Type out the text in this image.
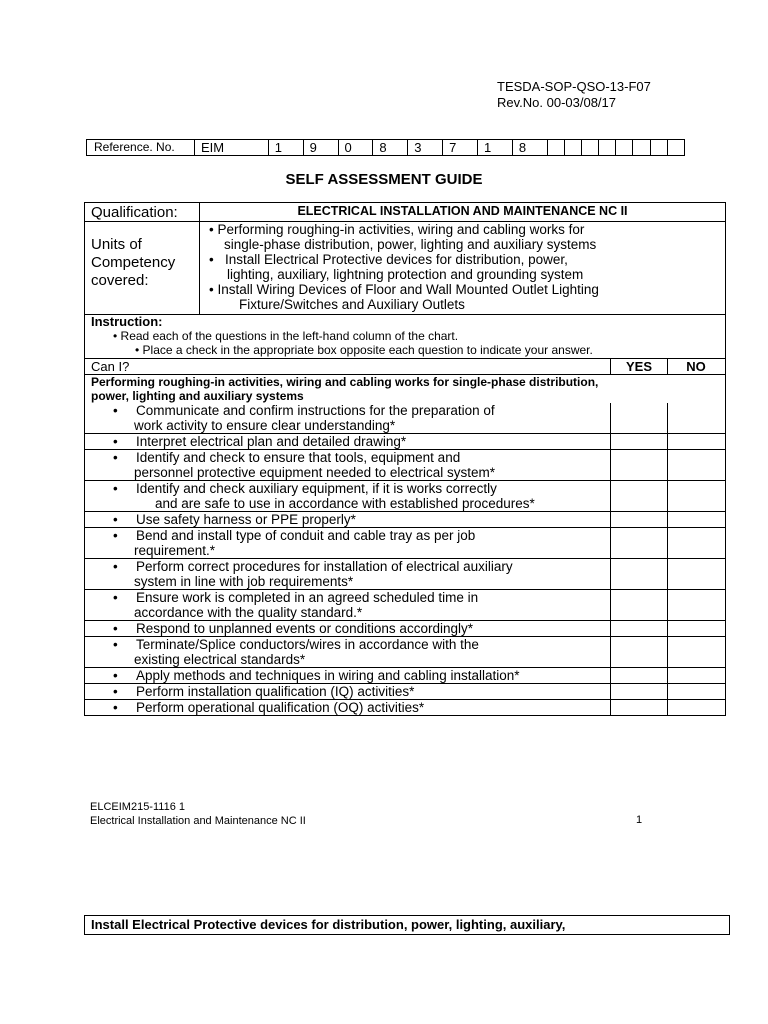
TESDA-SOP-QSO-13-F07
Rev.No. 00-03/08/17
Reference. No.	EIM	1	9	0	8	3	7	1	8								
SELF ASSESSMENT GUIDE
Qualification:	ELECTRICAL INSTALLATION AND MAINTENANCE NC II
Units of
Competency
covered:
• Performing roughing-in activities, wiring and cabling works for
single-phase distribution, power, lighting and auxiliary systems
•   Install Electrical Protective devices for distribution, power,
lighting, auxiliary, lightning protection and grounding system
• Install Wiring Devices of Floor and Wall Mounted Outlet Lighting
Fixture/Switches and Auxiliary Outlets
Instruction:
• Read each of the questions in the left-hand column of the chart.
• Place a check in the appropriate box opposite each question to indicate your answer.
Can I?	YES	NO
Performing roughing-in activities, wiring and cabling works for single-phase distribution,
power, lighting and auxiliary systems
•	Communicate and confirm instructions for the preparation of
work activity to ensure clear understanding*
•	Interpret electrical plan and detailed drawing*
•	Identify and check to ensure that tools, equipment and
personnel protective equipment needed to electrical system*
•	Identify and check auxiliary equipment, if it is works correctly
and are safe to use in accordance with established procedures*
•	Use safety harness or PPE properly*
•	Bend and install type of conduit and cable tray as per job
requirement.*
•	Perform correct procedures for installation of electrical auxiliary
system in line with job requirements*
•	Ensure work is completed in an agreed scheduled time in
accordance with the quality standard.*
•	Respond to unplanned events or conditions accordingly*
•	Terminate/Splice conductors/wires in accordance with the
existing electrical standards*
•	Apply methods and techniques in wiring and cabling installation*
•	Perform installation qualification (IQ) activities*
•	Perform operational qualification (OQ) activities*
ELCEIM215-1116 1
Electrical Installation and Maintenance NC II	1
Install Electrical Protective devices for distribution, power, lighting, auxiliary,
